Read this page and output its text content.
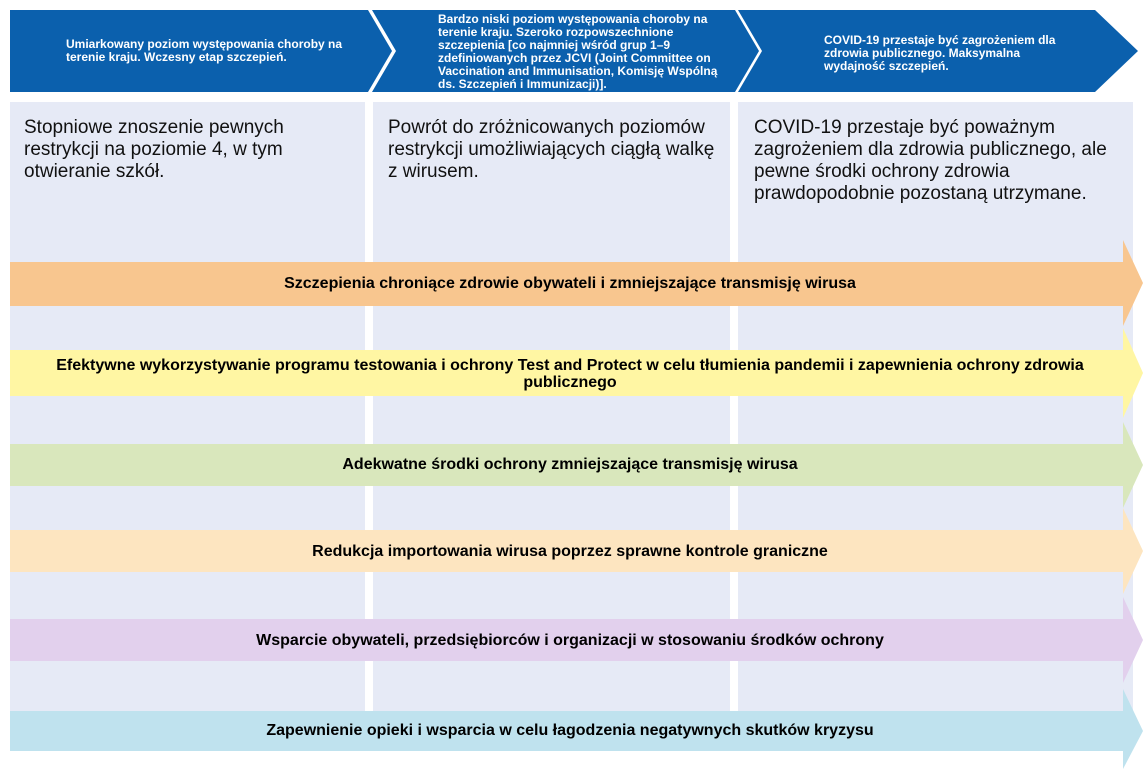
Umiarkowany poziom występowania choroby na terenie kraju. Wczesny etap szczepień.
Bardzo niski poziom występowania choroby na terenie kraju. Szeroko rozpowszechnione szczepienia [co najmniej wśród grup 1–9 zdefiniowanych przez JCVI (Joint Committee on Vaccination and Immunisation, Komisję Wspólną ds. Szczepień i Immunizacji)].
COVID-19 przestaje być zagrożeniem dla zdrowia publicznego. Maksymalna wydajność szczepień.
Stopniowe znoszenie pewnych restrykcji na poziomie 4, w tym otwieranie szkół.
Powrót do zróżnicowanych poziomów restrykcji umożliwiających ciągłą walkę z wirusem.
COVID-19 przestaje być poważnym zagrożeniem dla zdrowia publicznego, ale pewne środki ochrony zdrowia prawdopodobnie pozostaną utrzymane.
Szczepienia chroniące zdrowie obywateli i zmniejszające transmisję wirusa
Efektywne wykorzystywanie programu testowania i ochrony Test and Protect w celu tłumienia pandemii i zapewnienia ochrony zdrowia publicznego
Adekwatne środki ochrony zmniejszające transmisję wirusa
Redukcja importowania wirusa poprzez sprawne kontrole graniczne
Wsparcie obywateli, przedsiębiorców i organizacji w stosowaniu środków ochrony
Zapewnienie opieki i wsparcia w celu łagodzenia negatywnych skutków kryzysu
